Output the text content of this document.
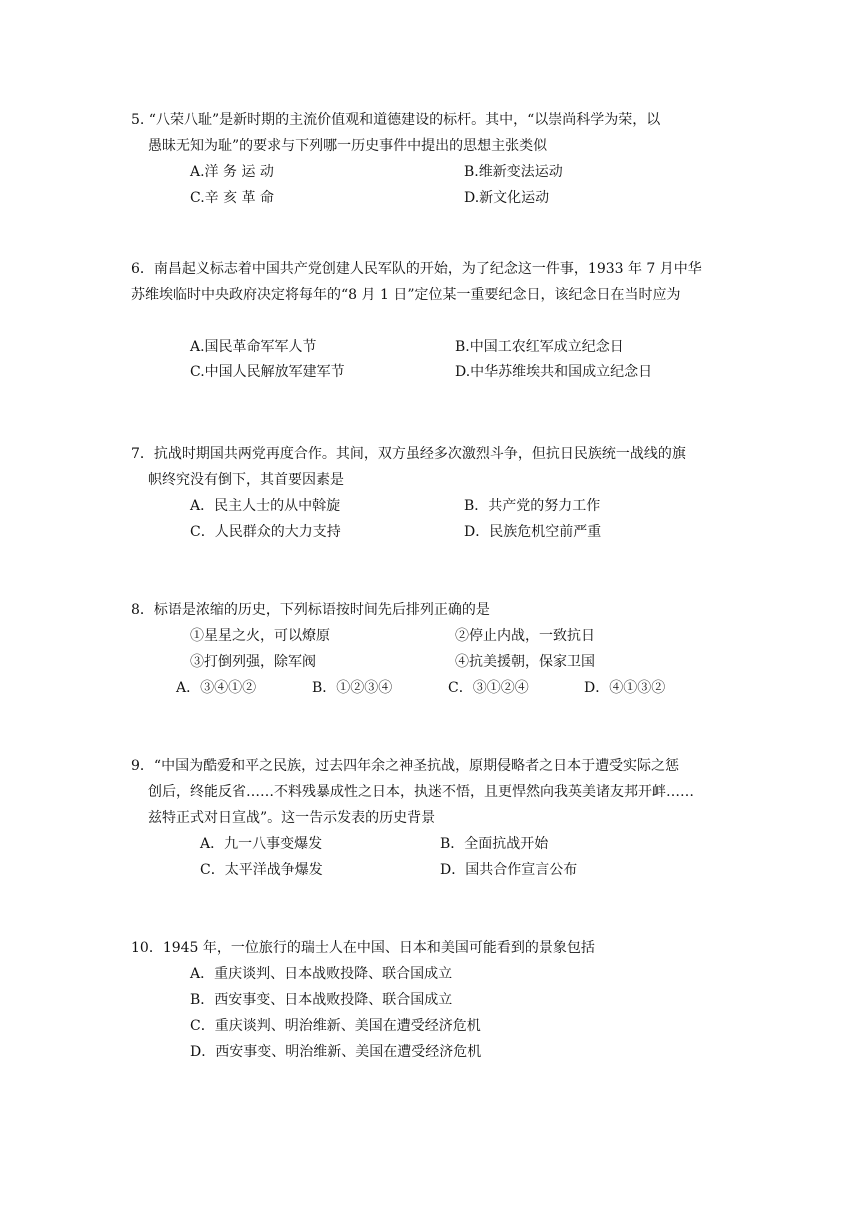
5. “八荣八耻”是新时期的主流价值观和道德建设的标杆。其中，“以崇尚科学为荣，以
愚昧无知为耻”的要求与下列哪一历史事件中提出的思想主张类似
A.洋 务 运 动	B.维新变法运动
C.辛 亥 革 命	D.新文化运动
6．南昌起义标志着中国共产党创建人民军队的开始，为了纪念这一件事，1933 年 7 月中华
苏维埃临时中央政府决定将每年的“8 月 1 日”定位某一重要纪念日，该纪念日在当时应为
A.国民革命军军人节	B.中国工农红军成立纪念日
C.中国人民解放军建军节	D.中华苏维埃共和国成立纪念日
7．抗战时期国共两党再度合作。其间，双方虽经多次激烈斗争，但抗日民族统一战线的旗
帜终究没有倒下，其首要因素是
A．民主人士的从中斡旋	B．共产党的努力工作
C．人民群众的大力支持	D．民族危机空前严重
8．标语是浓缩的历史，下列标语按时间先后排列正确的是
①星星之火，可以燎原	②停止内战，一致抗日
③打倒列强，除军阀	④抗美援朝，保家卫国
A．③④①②	B．①②③④	C．③①②④	D．④①③②
9．“中国为酷爱和平之民族，过去四年余之神圣抗战，原期侵略者之日本于遭受实际之惩
创后，终能反省……不料残暴成性之日本，执迷不悟，且更悍然向我英美诸友邦开衅……
兹特正式对日宣战”。这一告示发表的历史背景
A．九一八事变爆发	B．全面抗战开始
C．太平洋战争爆发	D．国共合作宣言公布
10．1945 年，一位旅行的瑞士人在中国、日本和美国可能看到的景象包括
A．重庆谈判、日本战败投降、联合国成立
B．西安事变、日本战败投降、联合国成立
C．重庆谈判、明治维新、美国在遭受经济危机
D．西安事变、明治维新、美国在遭受经济危机
